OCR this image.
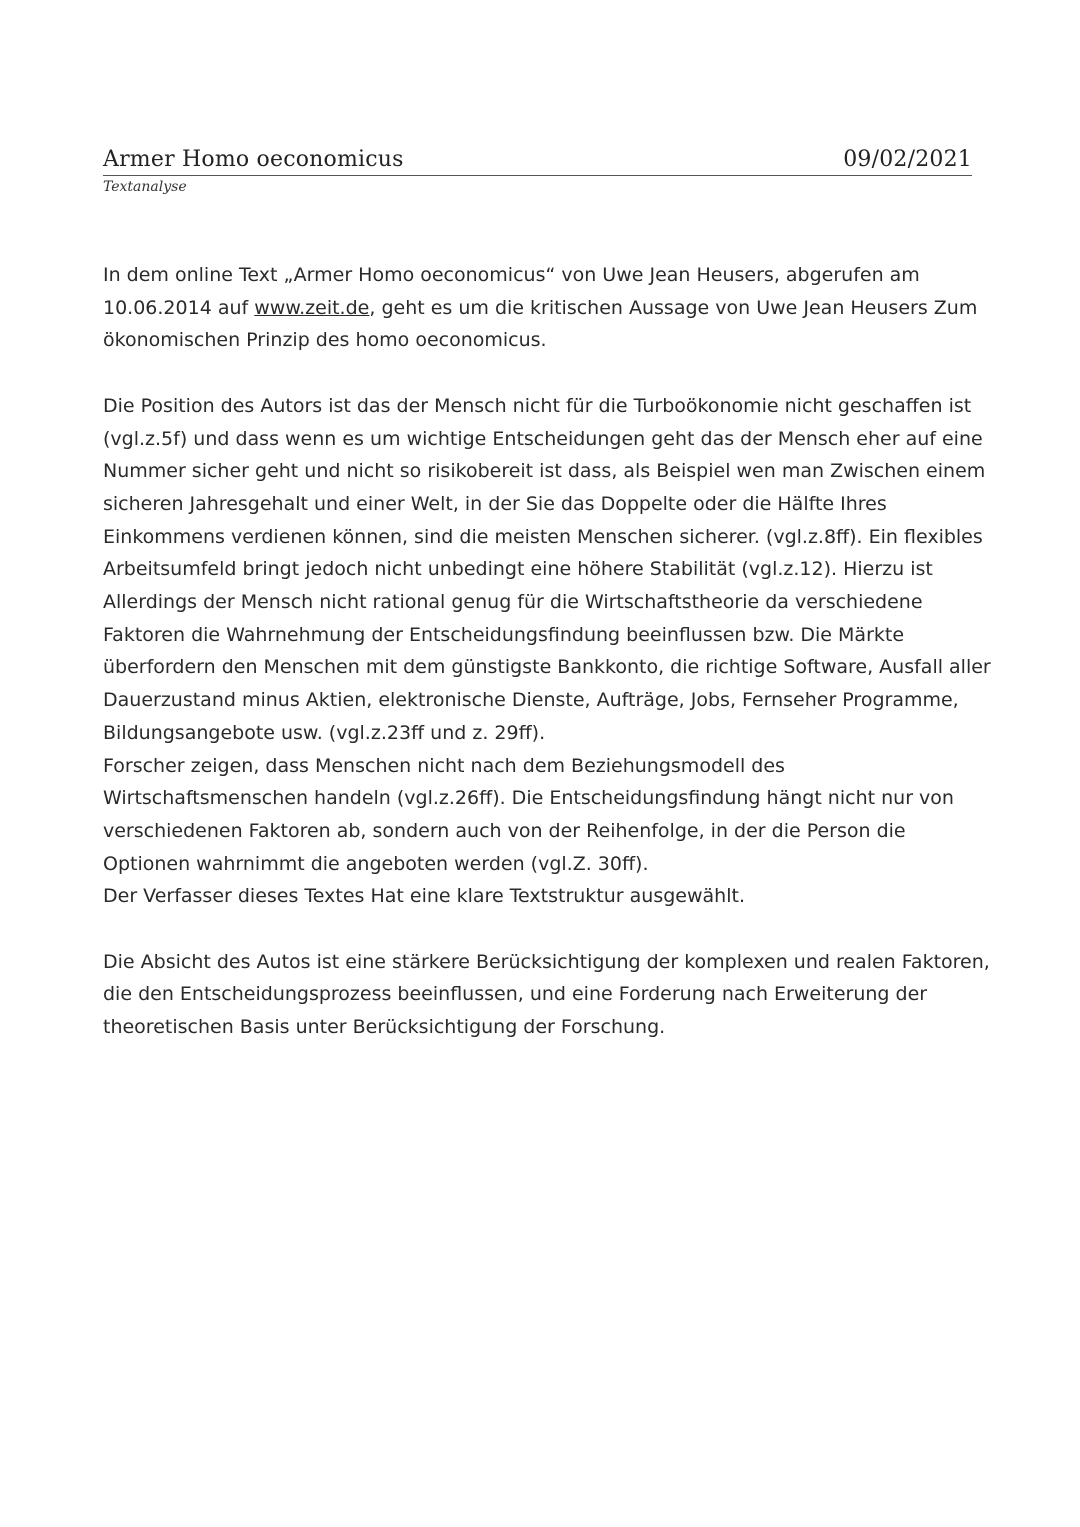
Armer Homo oeconomicus	09/02/2021
Textanalyse

In dem online Text „Armer Homo oeconomicus“ von Uwe Jean Heusers, abgerufen am 10.06.2014 auf www.zeit.de, geht es um die kritischen Aussage von Uwe Jean Heusers Zum ökonomischen Prinzip des homo oeconomicus.

Die Position des Autors ist das der Mensch nicht für die Turboökonomie nicht geschaffen ist (vgl.z.5f) und dass wenn es um wichtige Entscheidungen geht das der Mensch eher auf eine Nummer sicher geht und nicht so risikobereit ist dass, als Beispiel wen man Zwischen einem sicheren Jahresgehalt und einer Welt, in der Sie das Doppelte oder die Hälfte Ihres Einkommens verdienen können, sind die meisten Menschen sicherer. (vgl.z.8ff). Ein flexibles Arbeitsumfeld bringt jedoch nicht unbedingt eine höhere Stabilität (vgl.z.12). Hierzu ist Allerdings der Mensch nicht rational genug für die Wirtschaftstheorie da verschiedene Faktoren die Wahrnehmung der Entscheidungsfindung beeinflussen bzw. Die Märkte überfordern den Menschen mit dem günstigste Bankkonto, die richtige Software, Ausfall aller Dauerzustand minus Aktien, elektronische Dienste, Aufträge, Jobs, Fernseher Programme, Bildungsangebote usw. (vgl.z.23ff und z. 29ff).

Forscher zeigen, dass Menschen nicht nach dem Beziehungsmodell des Wirtschaftsmenschen handeln (vgl.z.26ff). Die Entscheidungsfindung hängt nicht nur von verschiedenen Faktoren ab, sondern auch von der Reihenfolge, in der die Person die Optionen wahrnimmt die angeboten werden (vgl.Z. 30ff).

Der Verfasser dieses Textes Hat eine klare Textstruktur ausgewählt.

Die Absicht des Autos ist eine stärkere Berücksichtigung der komplexen und realen Faktoren, die den Entscheidungsprozess beeinflussen, und eine Forderung nach Erweiterung der theoretischen Basis unter Berücksichtigung der Forschung.
